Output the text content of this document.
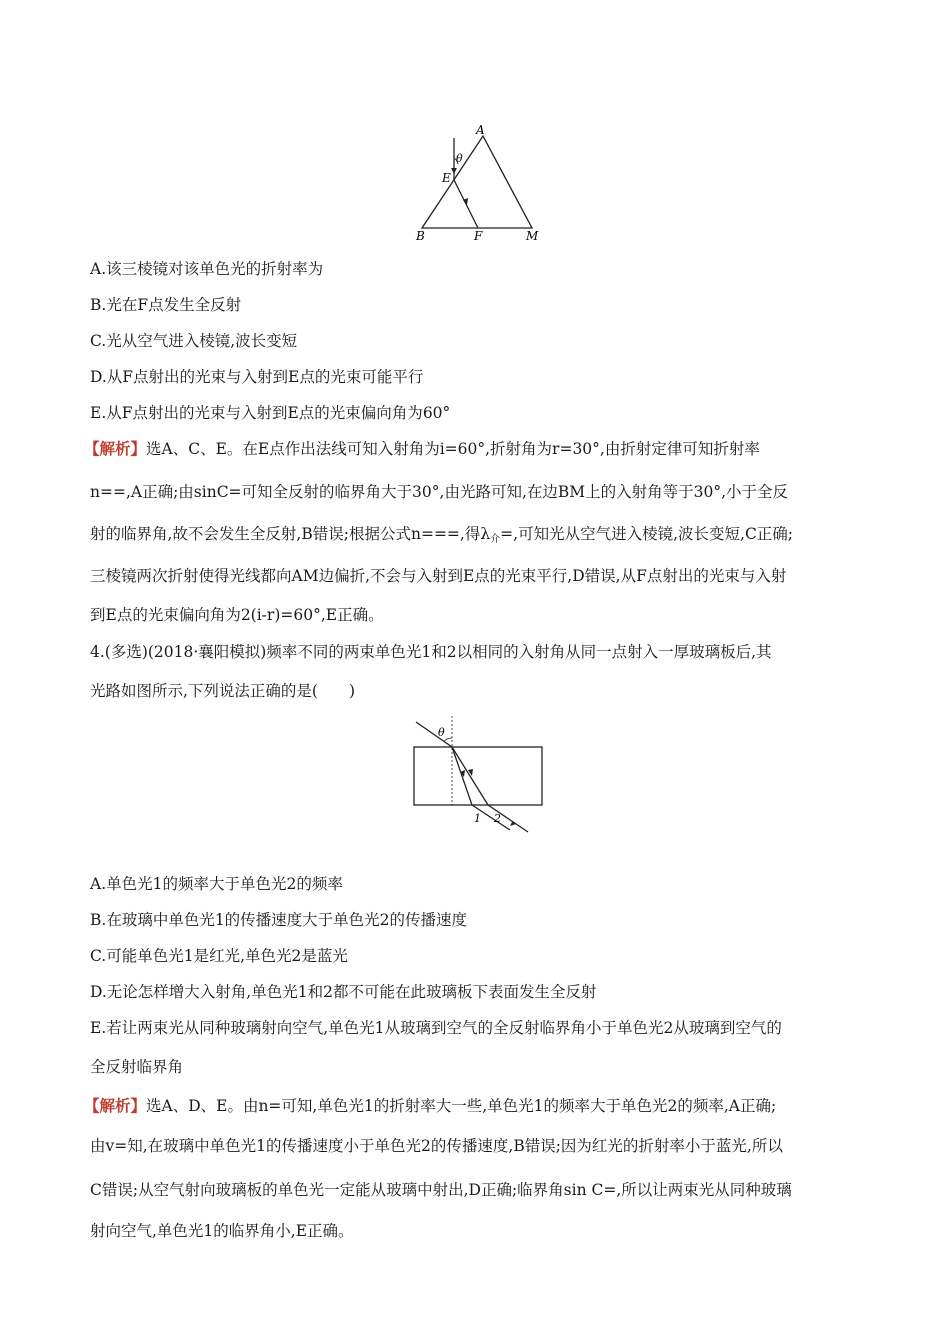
A
θ
E
B	F	M
A.该三棱镜对该单色光的折射率为
B.光在F点发生全反射
C.光从空气进入棱镜,波长变短
D.从F点射出的光束与入射到E点的光束可能平行
E.从F点射出的光束与入射到E点的光束偏向角为60°
【解析】选A、C、E。在E点作出法线可知入射角为i=60°,折射角为r=30°,由折射定律可知折射率
n==,A正确;由sinC=可知全反射的临界角大于30°,由光路可知,在边BM上的入射角等于30°,小于全反
射的临界角,故不会发生全反射,B错误;根据公式n===,得$\lambda_介=$,可知光从空气进入棱镜,波长变短,C正确;
三棱镜两次折射使得光线都向AM边偏折,不会与入射到E点的光束平行,D错误,从F点射出的光束与入射
到E点的光束偏向角为2(i-r)=60°,E正确。
4.(多选)(2018·襄阳模拟)频率不同的两束单色光1和2以相同的入射角从同一点射入一厚玻璃板后,其
光路如图所示,下列说法正确的是(　　)
θ
1 2
A.单色光1的频率大于单色光2的频率
B.在玻璃中单色光1的传播速度大于单色光2的传播速度
C.可能单色光1是红光,单色光2是蓝光
D.无论怎样增大入射角,单色光1和2都不可能在此玻璃板下表面发生全反射
E.若让两束光从同种玻璃射向空气,单色光1从玻璃到空气的全反射临界角小于单色光2从玻璃到空气的
全反射临界角
【解析】选A、D、E。由n=可知,单色光1的折射率大一些,单色光1的频率大于单色光2的频率,A正确;
由v=知,在玻璃中单色光1的传播速度小于单色光2的传播速度,B错误;因为红光的折射率小于蓝光,所以
C错误;从空气射向玻璃板的单色光一定能从玻璃中射出,D正确;临界角sin C=,所以让两束光从同种玻璃
射向空气,单色光1的临界角小,E正确。
